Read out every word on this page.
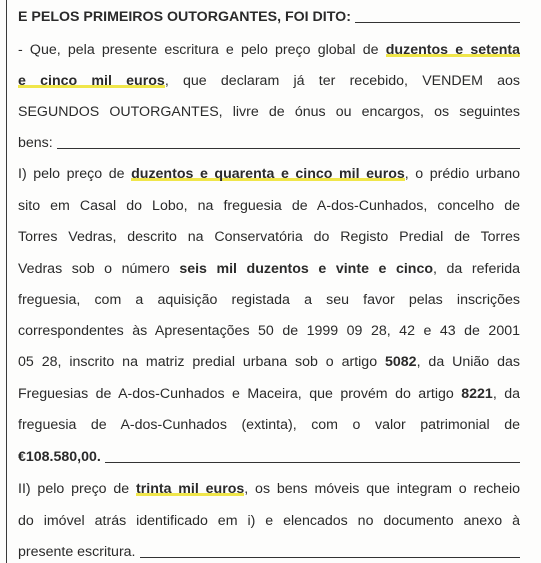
E PELOS PRIMEIROS OUTORGANTES, FOI DITO:
- Que, pela presente escritura e pelo preço global de duzentos e setenta
e cinco mil euros, que declaram já ter recebido, VENDEM aos
SEGUNDOS OUTORGANTES, livre de ónus ou encargos, os seguintes
bens:
I) pelo preço de duzentos e quarenta e cinco mil euros, o prédio urbano
sito em Casal do Lobo, na freguesia de A-dos-Cunhados, concelho de
Torres Vedras, descrito na Conservatória do Registo Predial de Torres
Vedras sob o número seis mil duzentos e vinte e cinco, da referida
freguesia, com a aquisição registada a seu favor pelas inscrições
correspondentes às Apresentações 50 de 1999 09 28, 42 e 43 de 2001
05 28, inscrito na matriz predial urbana sob o artigo 5082, da União das
Freguesias de A-dos-Cunhados e Maceira, que provém do artigo 8221, da
freguesia de A-dos-Cunhados (extinta), com o valor patrimonial de
€108.580,00.
II) pelo preço de trinta mil euros, os bens móveis que integram o recheio
do imóvel atrás identificado em i) e elencados no documento anexo à
presente escritura.
